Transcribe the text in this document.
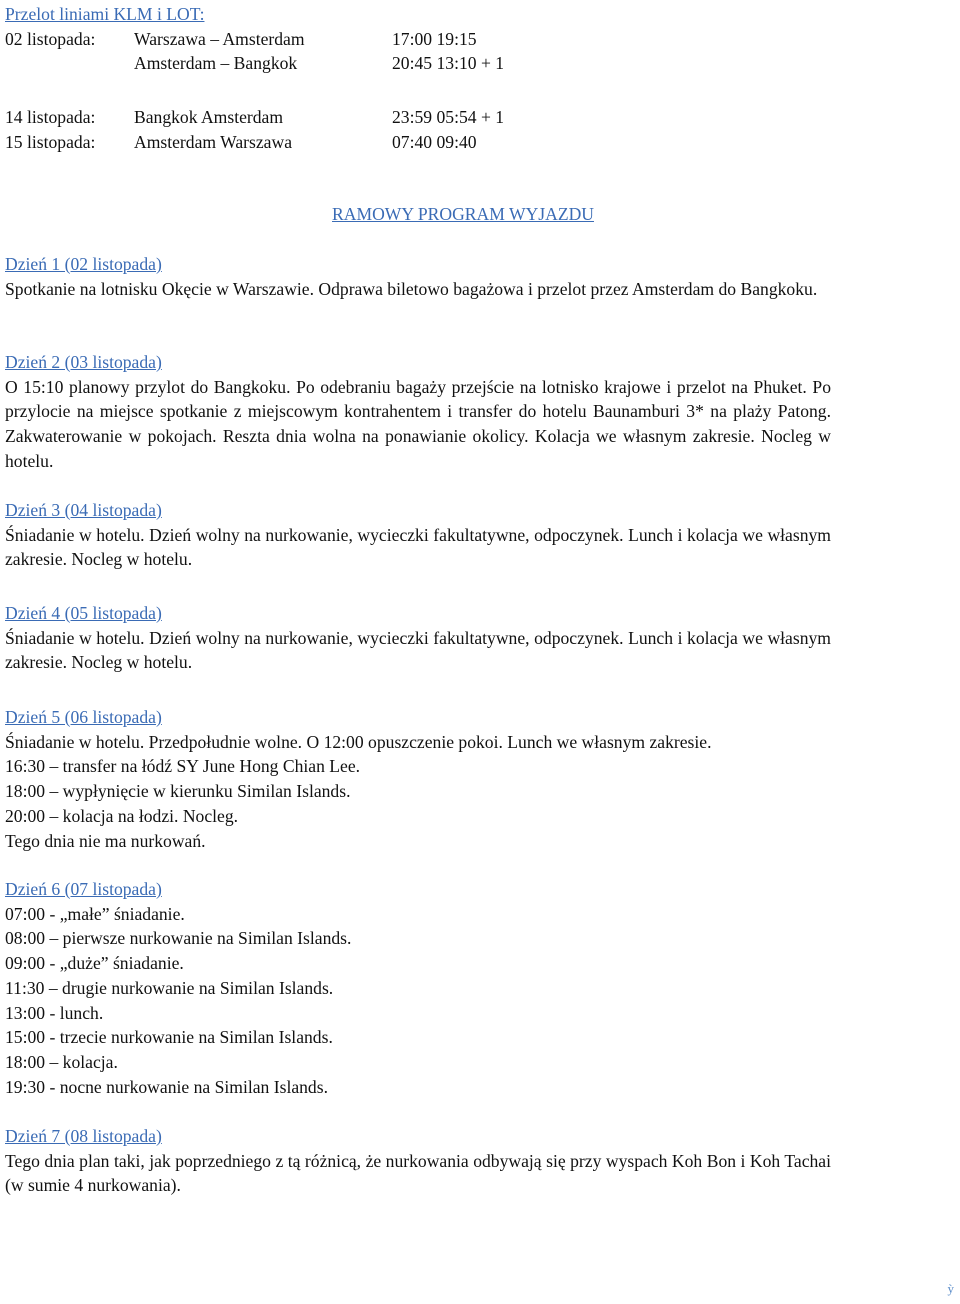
Przelot liniami KLM i LOT:
02 listopada: Warszawa – Amsterdam	17:00 19:15
Amsterdam – Bangkok	20:45 13:10 + 1
14 listopada: Bangkok Amsterdam	23:59 05:54 + 1
15 listopada: Amsterdam Warszawa	07:40 09:40
RAMOWY PROGRAM WYJAZDU
Dzień 1 (02 listopada)

Spotkanie na lotnisku Okęcie w Warszawie. Odprawa biletowo bagażowa i przelot przez Amsterdam do Bangkoku.

Dzień 2 (03 listopada)

O 15:10 planowy przylot do Bangkoku. Po odebraniu bagaży przejście na lotnisko krajowe i przelot na Phuket. Po przylocie na miejsce spotkanie z miejscowym kontrahentem i transfer do hotelu Baunamburi 3* na plaży Patong. Zakwaterowanie w pokojach. Reszta dnia wolna na ponawianie okolicy. Kolacja we własnym zakresie. Nocleg w hotelu.

Dzień 3 (04 listopada)

Śniadanie w hotelu. Dzień wolny na nurkowanie, wycieczki fakultatywne, odpoczynek. Lunch i kolacja we własnym zakresie. Nocleg w hotelu.

Dzień 4 (05 listopada)

Śniadanie w hotelu. Dzień wolny na nurkowanie, wycieczki fakultatywne, odpoczynek. Lunch i kolacja we własnym zakresie. Nocleg w hotelu.

Dzień 5 (06 listopada)

Śniadanie w hotelu. Przedpołudnie wolne. O 12:00 opuszczenie pokoi. Lunch we własnym zakresie.

16:30 – transfer na łódź SY June Hong Chian Lee.

18:00 – wypłynięcie w kierunku Similan Islands.

20:00 – kolacja na łodzi. Nocleg.

Tego dnia nie ma nurkowań.

Dzień 6 (07 listopada)

07:00 - „małe” śniadanie.

08:00 – pierwsze nurkowanie na Similan Islands.

09:00 - „duże” śniadanie.

11:30 – drugie nurkowanie na Similan Islands.

13:00 - lunch.

15:00 - trzecie nurkowanie na Similan Islands.

18:00 – kolacja.

19:30 - nocne nurkowanie na Similan Islands.

Dzień 7 (08 listopada)

Tego dnia plan taki, jak poprzedniego z tą różnicą, że nurkowania odbywają się przy wyspach Koh Bon i Koh Tachai (w sumie 4 nurkowania).

ỳ
